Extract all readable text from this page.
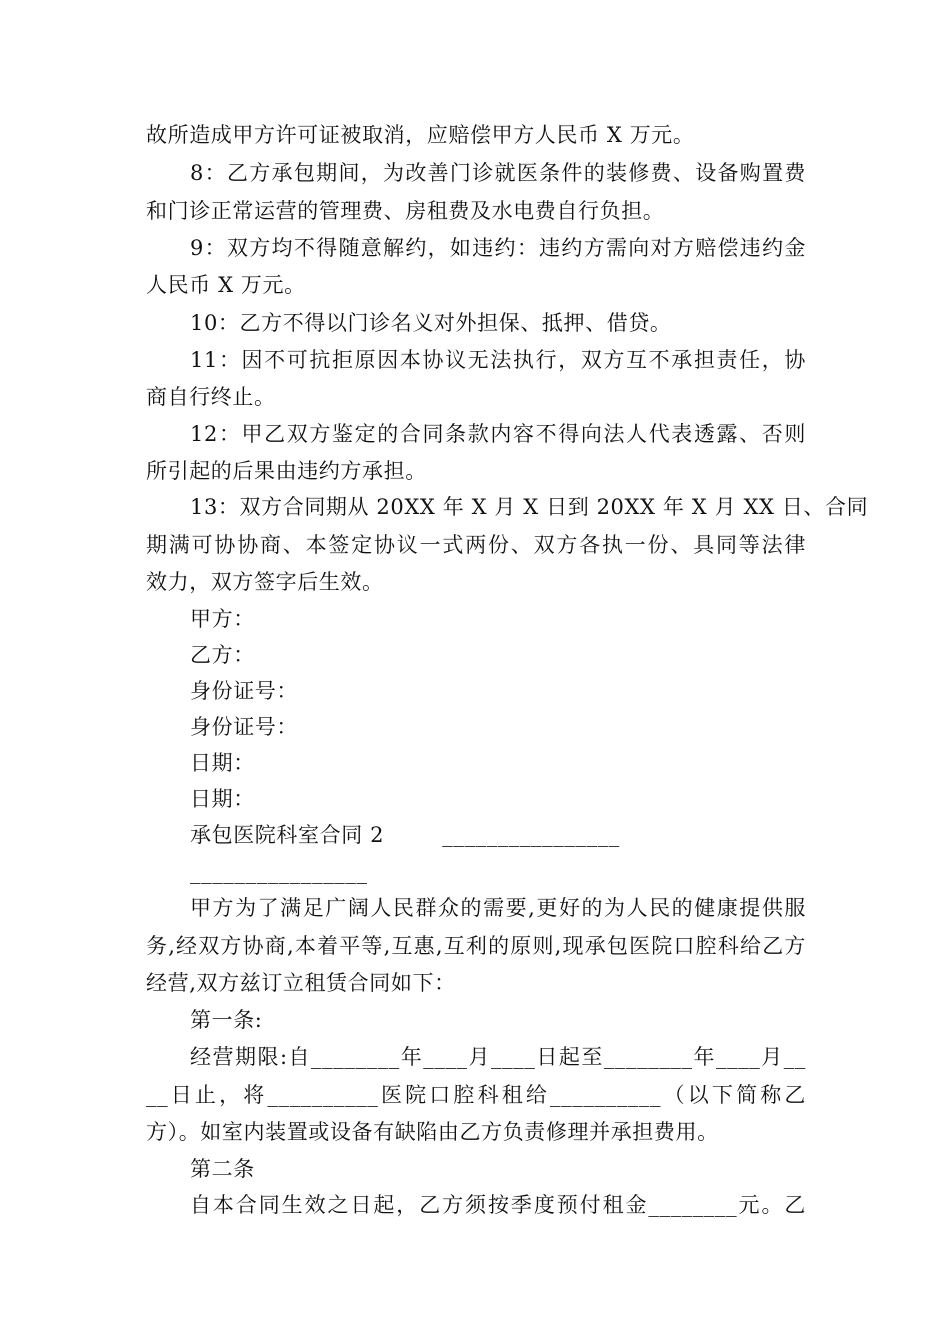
故所造成甲方许可证被取消，应赔偿甲方人民币 X 万元。
8：乙方承包期间，为改善门诊就医条件的装修费、设备购置费
和门诊正常运营的管理费、房租费及水电费自行负担。
9：双方均不得随意解约，如违约：违约方需向对方赔偿违约金
人民币 X 万元。
10：乙方不得以门诊名义对外担保、抵押、借贷。
11：因不可抗拒原因本协议无法执行，双方互不承担责任，协
商自行终止。
12：甲乙双方鉴定的合同条款内容不得向法人代表透露、否则
所引起的后果由违约方承担。
13：双方合同期从 20XX 年 X 月 X 日到 20XX 年 X 月 XX 日、合同
期满可协协商、本签定协议一式两份、双方各执一份、具同等法律
效力，双方签字后生效。
甲方：
乙方：
身份证号：
身份证号：
日期：
日期：
承包医院科室合同 2        ________________
________________
甲方为了满足广阔人民群众的需要,更好的为人民的健康提供服
务,经双方协商,本着平等,互惠,互利的原则,现承包医院口腔科给乙方
经营,双方兹订立租赁合同如下：
第一条:
经营期限:自________年____月____日起至________年____月__
__日止，将__________医院口腔科租给__________（以下简称乙
方）。如室内装置或设备有缺陷由乙方负责修理并承担费用。
第二条
自本合同生效之日起，乙方须按季度预付租金________元。乙
